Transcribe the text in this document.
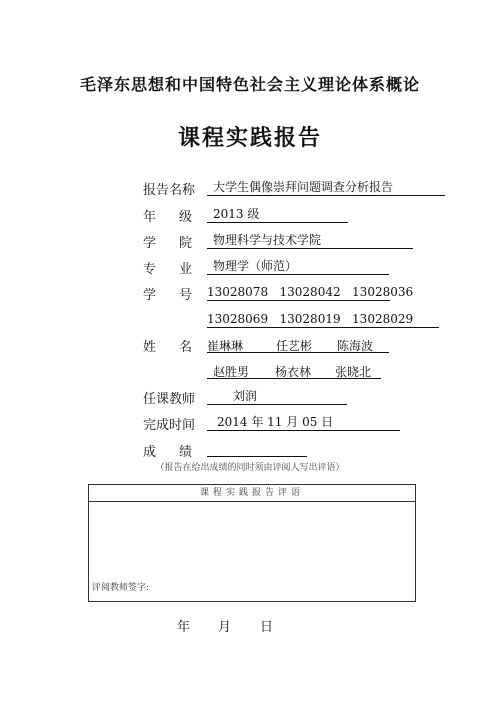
毛泽东思想和中国特色社会主义理论体系概论
课程实践报告
报告名称	大学生偶像崇拜问题调查分析报告
年 级	2013 级
学 院	物理科学与技术学院
专 业	物理学（师范）
学 号 13028078   13028042   13028036
13028069   13028019   13028029
姓 名 崔琳琳	任艺彬 陈海波
赵胜男 杨衣林 张晓北
任课教师	刘润
完成时间	2014 年 11 月 05 日
成 绩
（报告在给出成绩的同时须由评阅人写出评语）
课程实践报告评语
评阅教师签字:
年 月 日
